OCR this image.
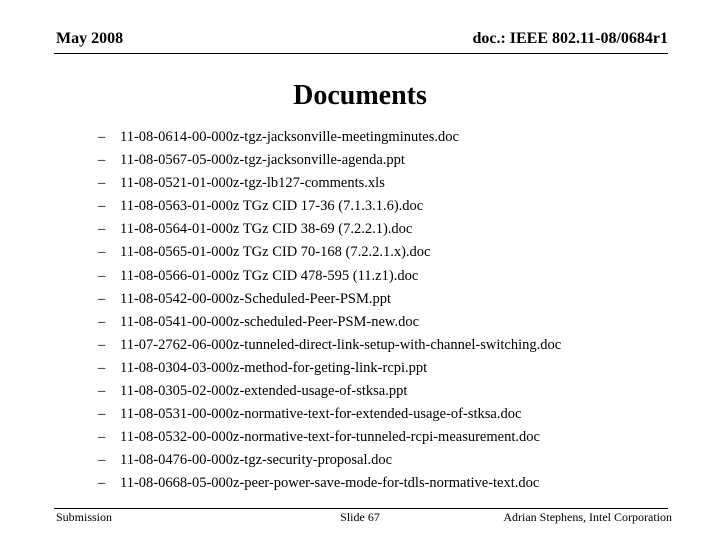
May 2008	doc.: IEEE 802.11-08/0684r1
Documents
– 11-08-0614-00-000z-tgz-jacksonville-meetingminutes.doc
– 11-08-0567-05-000z-tgz-jacksonville-agenda.ppt
– 11-08-0521-01-000z-tgz-lb127-comments.xls
– 11-08-0563-01-000z TGz CID 17-36 (7.1.3.1.6).doc
– 11-08-0564-01-000z TGz CID 38-69 (7.2.2.1).doc
– 11-08-0565-01-000z TGz CID 70-168 (7.2.2.1.x).doc
– 11-08-0566-01-000z TGz CID 478-595 (11.z1).doc
– 11-08-0542-00-000z-Scheduled-Peer-PSM.ppt
– 11-08-0541-00-000z-scheduled-Peer-PSM-new.doc
– 11-07-2762-06-000z-tunneled-direct-link-setup-with-channel-switching.doc
– 11-08-0304-03-000z-method-for-geting-link-rcpi.ppt
– 11-08-0305-02-000z-extended-usage-of-stksa.ppt
– 11-08-0531-00-000z-normative-text-for-extended-usage-of-stksa.doc
– 11-08-0532-00-000z-normative-text-for-tunneled-rcpi-measurement.doc
– 11-08-0476-00-000z-tgz-security-proposal.doc
– 11-08-0668-05-000z-peer-power-save-mode-for-tdls-normative-text.doc
Submission	Slide 67	Adrian Stephens, Intel Corporation
